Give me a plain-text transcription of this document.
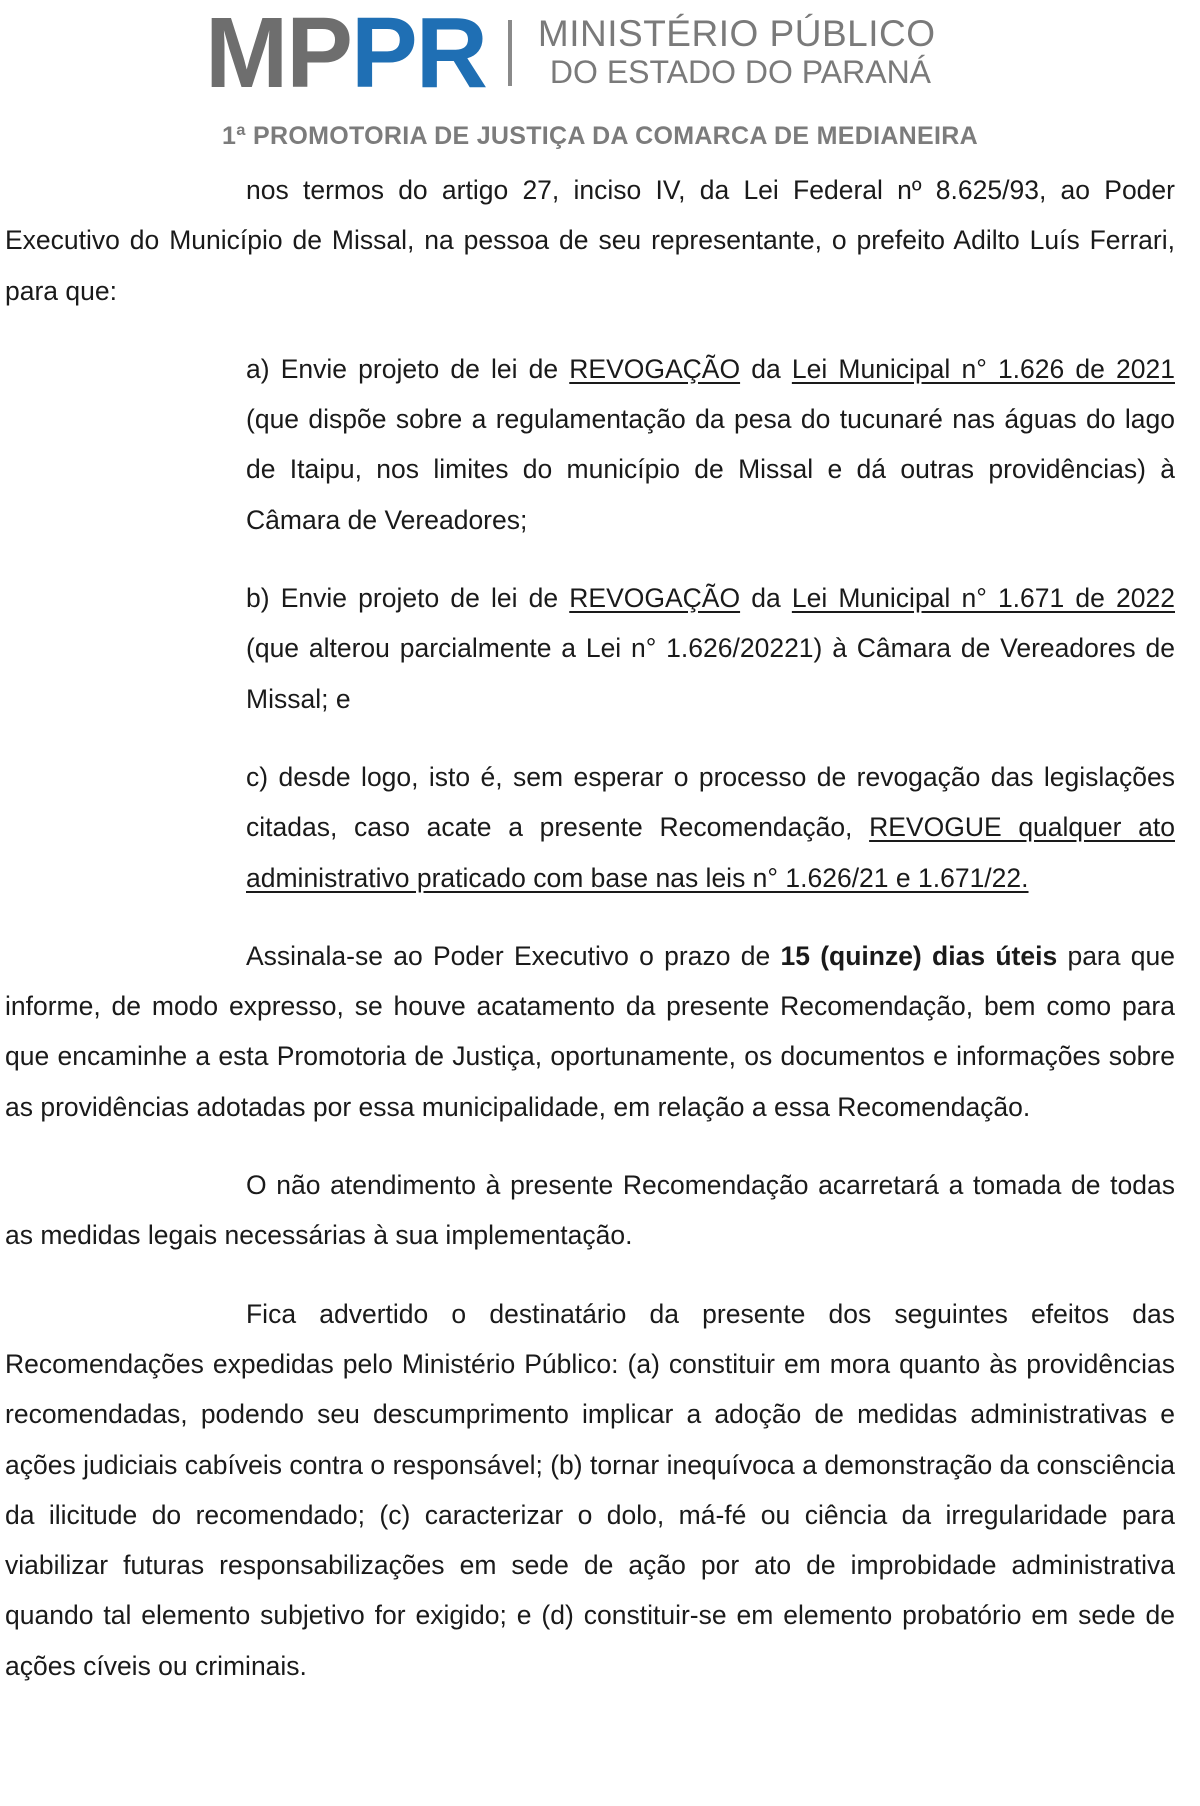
MPPR MINISTÉRIO PÚBLICO
DO ESTADO DO PARANÁ
1ª PROMOTORIA DE JUSTIÇA DA COMARCA DE MEDIANEIRA

nos termos do artigo 27, inciso IV, da Lei Federal nº 8.625/93, ao Poder Executivo do Município de Missal, na pessoa de seu representante, o prefeito Adilto Luís Ferrari, para que:

a) Envie projeto de lei de REVOGAÇÃO da Lei Municipal n° 1.626 de 2021 (que dispõe sobre a regulamentação da pesa do tucunaré nas águas do lago de Itaipu, nos limites do município de Missal e dá outras providências) à Câmara de Vereadores;

b) Envie projeto de lei de REVOGAÇÃO da Lei Municipal n° 1.671 de 2022 (que alterou parcialmente a Lei n° 1.626/20221) à Câmara de Vereadores de Missal; e

c) desde logo, isto é, sem esperar o processo de revogação das legislações citadas, caso acate a presente Recomendação, REVOGUE qualquer ato administrativo praticado com base nas leis n° 1.626/21 e 1.671/22.

Assinala-se ao Poder Executivo o prazo de 15 (quinze) dias úteis para que informe, de modo expresso, se houve acatamento da presente Recomendação, bem como para que encaminhe a esta Promotoria de Justiça, oportunamente, os documentos e informações sobre as providências adotadas por essa municipalidade, em relação a essa Recomendação.

O não atendimento à presente Recomendação acarretará a tomada de todas as medidas legais necessárias à sua implementação.

Fica advertido o destinatário da presente dos seguintes efeitos das Recomendações expedidas pelo Ministério Público: (a) constituir em mora quanto às providências recomendadas, podendo seu descumprimento implicar a adoção de medidas administrativas e ações judiciais cabíveis contra o responsável; (b) tornar inequívoca a demonstração da consciência da ilicitude do recomendado; (c) caracterizar o dolo, má-fé ou ciência da irregularidade para viabilizar futuras responsabilizações em sede de ação por ato de improbidade administrativa quando tal elemento subjetivo for exigido; e (d) constituir-se em elemento probatório em sede de ações cíveis ou criminais.
